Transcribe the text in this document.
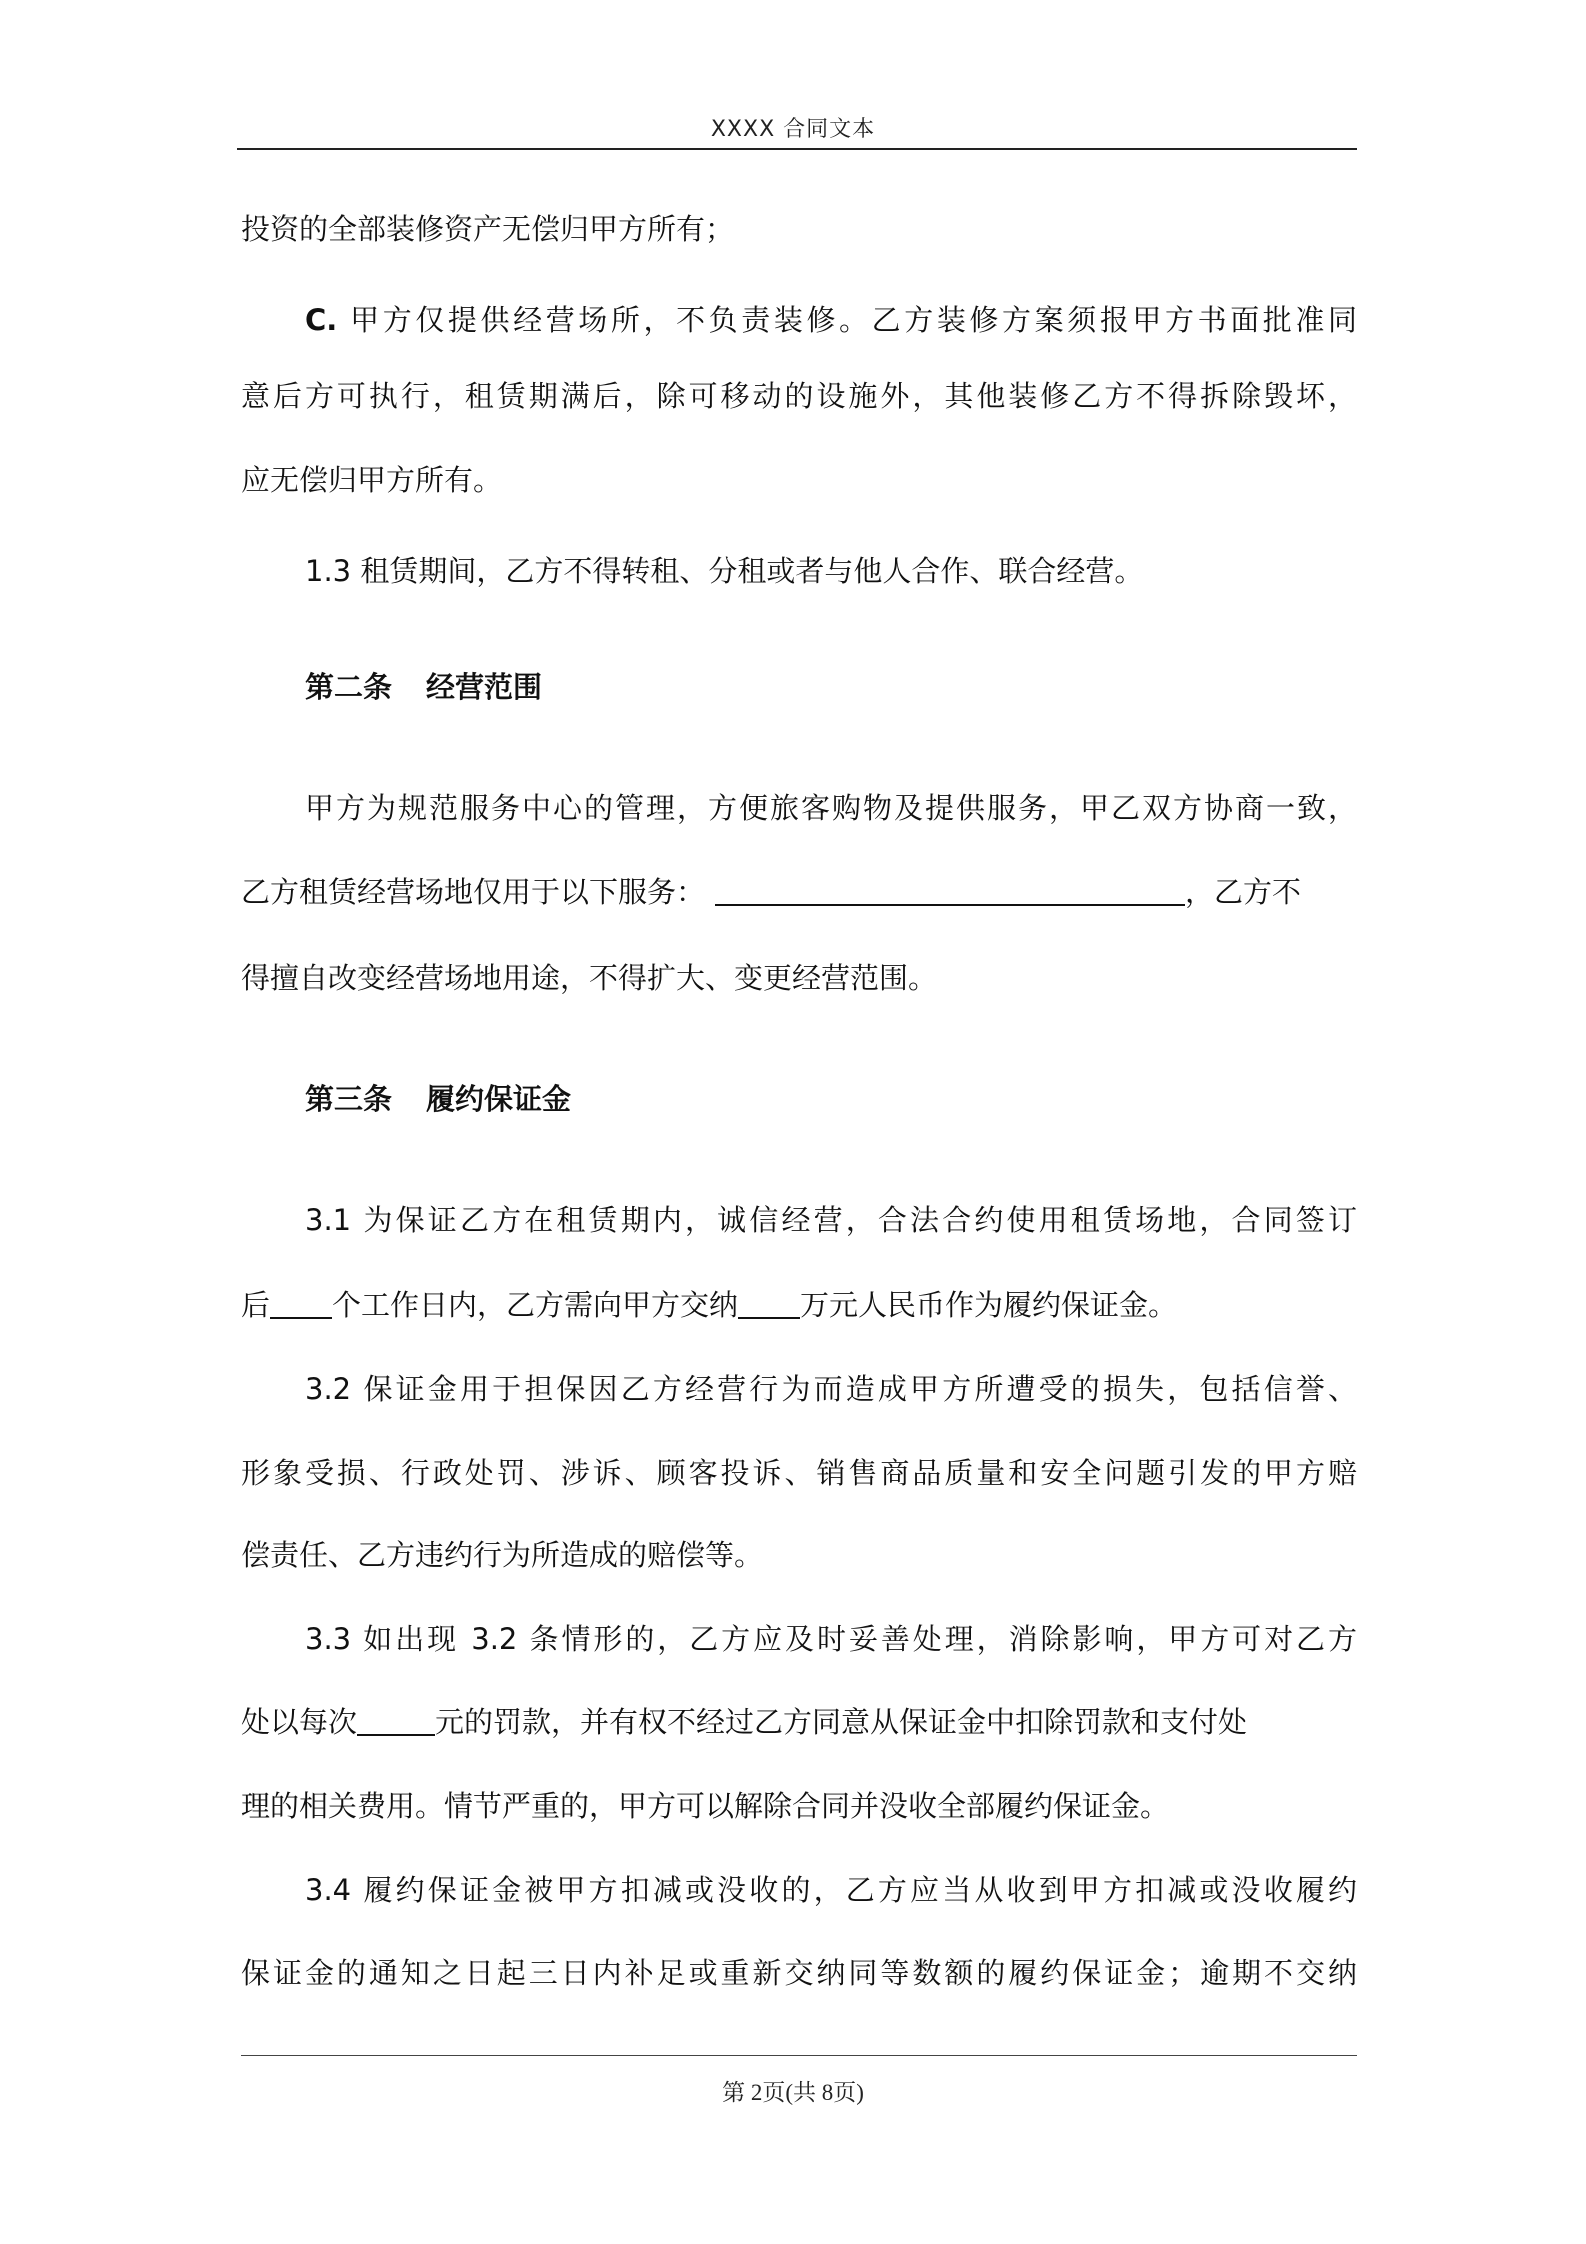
XXXX 合同文本
投资的全部装修资产无偿归甲方所有；
C. 甲方仅提供经营场所，不负责装修。乙方装修方案须报甲方书面批准同
意后方可执行，租赁期满后，除可移动的设施外，其他装修乙方不得拆除毁坏，
应无偿归甲方所有。
1.3 租赁期间，乙方不得转租、分租或者与他人合作、联合经营。
第二条 经营范围
甲方为规范服务中心的管理，方便旅客购物及提供服务，甲乙双方协商一致，
乙方租赁经营场地仅用于以下服务：	，乙方不
得擅自改变经营场地用途，不得扩大、变更经营范围。
第三条 履约保证金
3.1 为保证乙方在租赁期内，诚信经营，合法合约使用租赁场地，合同签订
后 个工作日内，乙方需向甲方交纳 万元人民币作为履约保证金。
3.2 保证金用于担保因乙方经营行为而造成甲方所遭受的损失，包括信誉、
形象受损、行政处罚、涉诉、顾客投诉、销售商品质量和安全问题引发的甲方赔
偿责任、乙方违约行为所造成的赔偿等。
3.3 如出现 3.2 条情形的，乙方应及时妥善处理，消除影响，甲方可对乙方
处以每次	元的罚款，并有权不经过乙方同意从保证金中扣除罚款和支付处
理的相关费用。情节严重的，甲方可以解除合同并没收全部履约保证金。
3.4 履约保证金被甲方扣减或没收的，乙方应当从收到甲方扣减或没收履约
保证金的通知之日起三日内补足或重新交纳同等数额的履约保证金；逾期不交纳
第 2页(共 8页)
